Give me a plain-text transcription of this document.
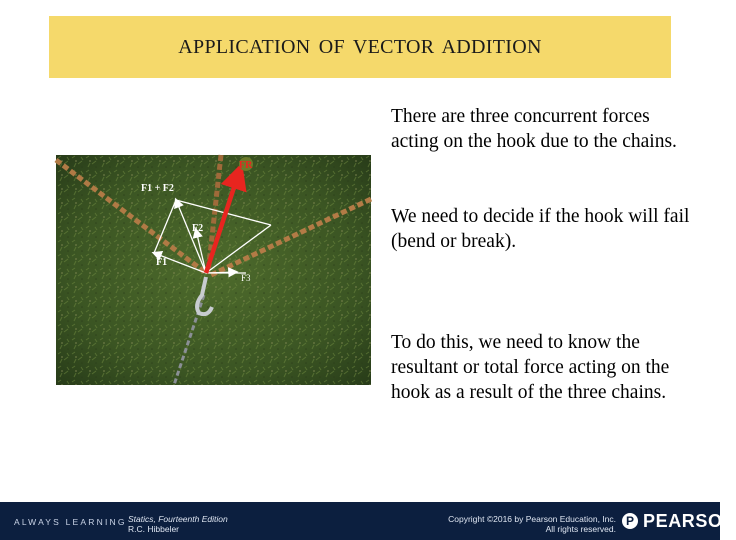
APPLICATION OF VECTOR ADDITION
FR
F1 + F2
F2
F1
F3
There are three concurrent forces acting on the hook due to the chains.
We need to decide if the hook will fail (bend or break).
To do this, we need to know the resultant or total force acting on the hook as a result of the three chains.
ALWAYS LEARNING Statics, Fourteenth Edition
R.C. Hibbeler
Copyright ©2016 by Pearson Education, Inc.
All rights reserved.
P PEARSON
